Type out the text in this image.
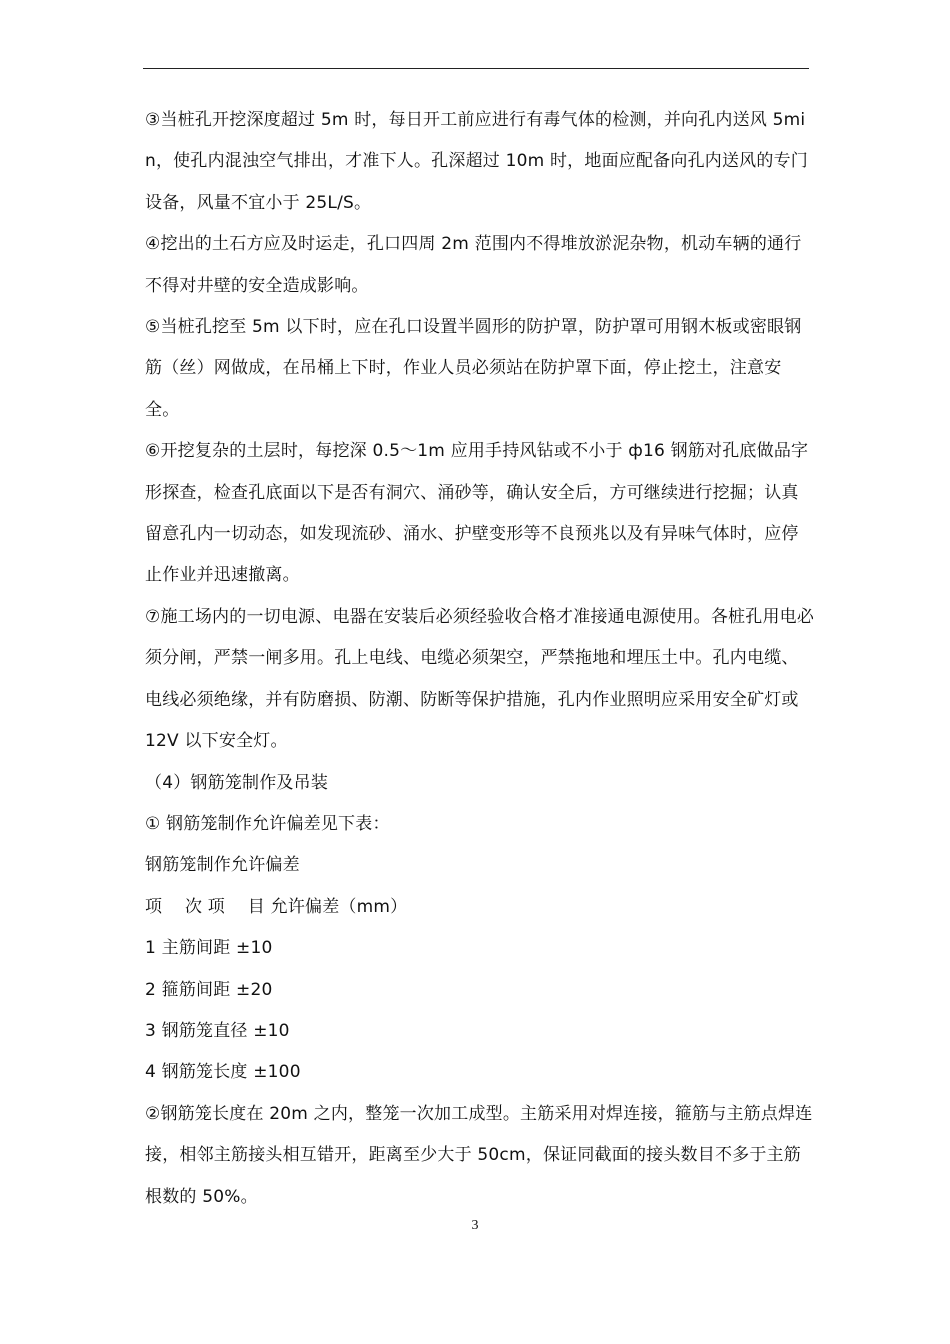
③当桩孔开挖深度超过 5m 时，每日开工前应进行有毒气体的检测，并向孔内送风 5min，使孔内混浊空气排出，才准下人。孔深超过 10m 时，地面应配备向孔内送风的专门设备，风量不宜小于 25L/S。

④挖出的土石方应及时运走，孔口四周 2m 范围内不得堆放淤泥杂物，机动车辆的通行不得对井壁的安全造成影响。

⑤当桩孔挖至 5m 以下时，应在孔口设置半圆形的防护罩，防护罩可用钢木板或密眼钢筋（丝）网做成，在吊桶上下时，作业人员必须站在防护罩下面，停止挖土，注意安全。

⑥开挖复杂的土层时，每挖深 0.5～1m 应用手持风钻或不小于 ф16 钢筋对孔底做品字形探查，检查孔底面以下是否有洞穴、涌砂等，确认安全后，方可继续进行挖掘；认真留意孔内一切动态，如发现流砂、涌水、护壁变形等不良预兆以及有异味气体时，应停止作业并迅速撤离。

⑦施工场内的一切电源、电器在安装后必须经验收合格才准接通电源使用。各桩孔用电必须分闸，严禁一闸多用。孔上电线、电缆必须架空，严禁拖地和埋压土中。孔内电缆、电线必须绝缘，并有防磨损、防潮、防断等保护措施，孔内作业照明应采用安全矿灯或 12V 以下安全灯。

（4）钢筋笼制作及吊装

① 钢筋笼制作允许偏差见下表：

钢筋笼制作允许偏差

项　 次 项　 目 允许偏差（mm）

1 主筋间距 ±10

2 箍筋间距 ±20

3 钢筋笼直径 ±10

4 钢筋笼长度 ±100

②钢筋笼长度在 20m 之内，整笼一次加工成型。主筋采用对焊连接，箍筋与主筋点焊连接，相邻主筋接头相互错开，距离至少大于 50cm，保证同截面的接头数目不多于主筋根数的 50%。

3
